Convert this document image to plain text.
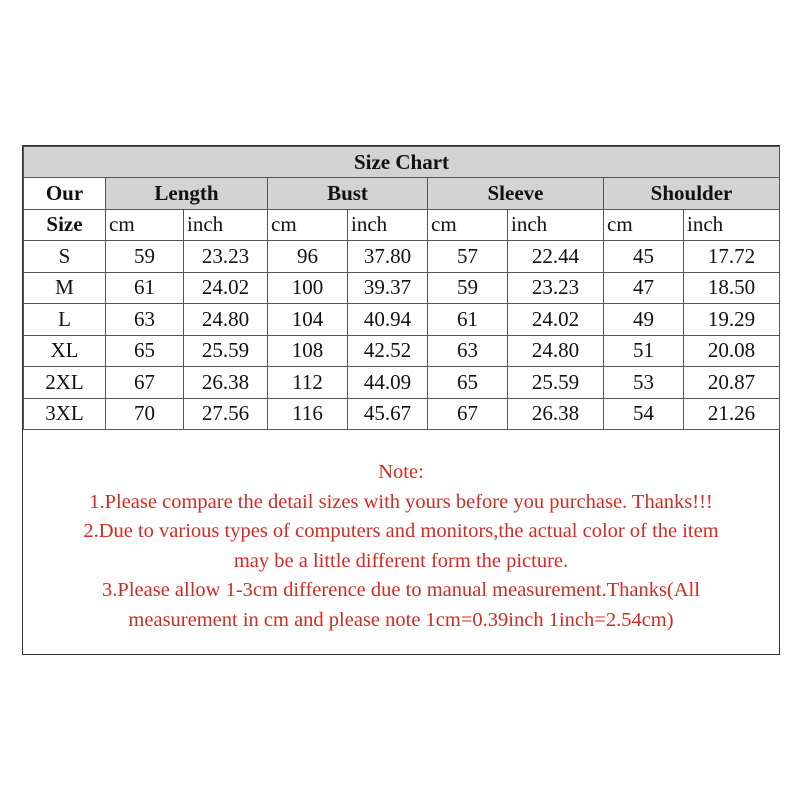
Size Chart								
Our	Length		Bust		Sleeve		Shoulder	
Size	cm	inch	cm	inch	cm	inch	cm	inch
S	59	23.23	96	37.80	57	22.44	45	17.72
M	61	24.02	100	39.37	59	23.23	47	18.50
L	63	24.80	104	40.94	61	24.02	49	19.29
XL	65	25.59	108	42.52	63	24.80	51	20.08
2XL	67	26.38	112	44.09	65	25.59	53	20.87
3XL	70	27.56	116	45.67	67	26.38	54	21.26
Note:
1.Please compare the detail sizes with yours before you purchase. Thanks!!!
2.Due to various types of computers and monitors,the actual color of the item
may be a little different form the picture.
3.Please allow 1-3cm difference due to manual measurement.Thanks(All
measurement in cm and please note 1cm=0.39inch 1inch=2.54cm)
